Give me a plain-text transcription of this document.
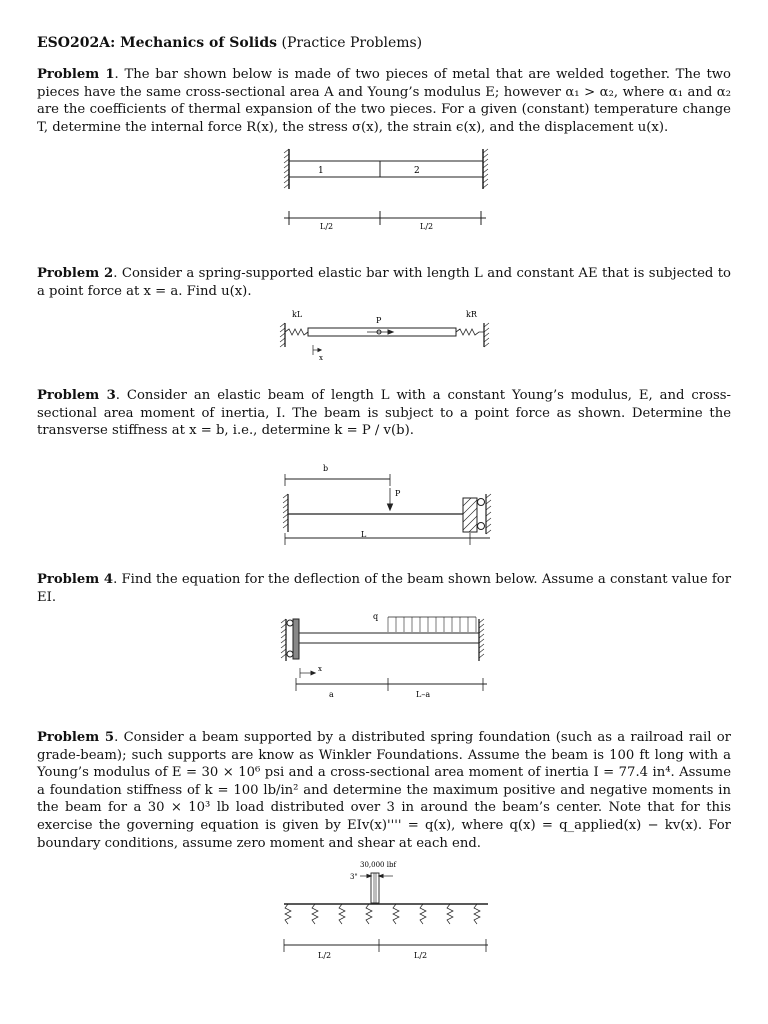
ESO202A: Mechanics of Solids (Practice Problems)
Problem 1. The bar shown below is made of two pieces of metal that are welded together. The two pieces have the same cross-sectional area A and Young’s modulus E; however α₁ > α₂, where α₁ and α₂ are the coefficients of thermal expansion of the two pieces. For a given (constant) temperature change T, determine the internal force R(x), the stress σ(x), the strain ϵ(x), and the displacement u(x).
1	2
L/2	L/2
Problem 2. Consider a spring-supported elastic bar with length L and constant AE that is subjected to a point force at x = a. Find u(x).
kL	kR
P
x
Problem 3. Consider an elastic beam of length L with a constant Young’s modulus, E, and cross-sectional area moment of inertia, I. The beam is subject to a point force as shown. Determine the transverse stiffness at x = b, i.e., determine k = P / v(b).
b
P
L
Problem 4. Find the equation for the deflection of the beam shown below. Assume a constant value for EI.
q
x
a	L–a
Problem 5. Consider a beam supported by a distributed spring foundation (such as a railroad rail or grade-beam); such supports are know as Winkler Foundations. Assume the beam is 100 ft long with a Young’s modulus of E = 30 × 10⁶ psi and a cross-sectional area moment of inertia I = 77.4 in⁴. Assume a foundation stiffness of k = 100 lb/in² and determine the maximum positive and negative moments in the beam for a 30 × 10³ lb load distributed over 3 in around the beam’s center. Note that for this exercise the governing equation is given by EIv(x)'''' = q(x), where q(x) = q_applied(x) − kv(x). For boundary conditions, assume zero moment and shear at each end.
30,000 lbf
3"
L/2	L/2
